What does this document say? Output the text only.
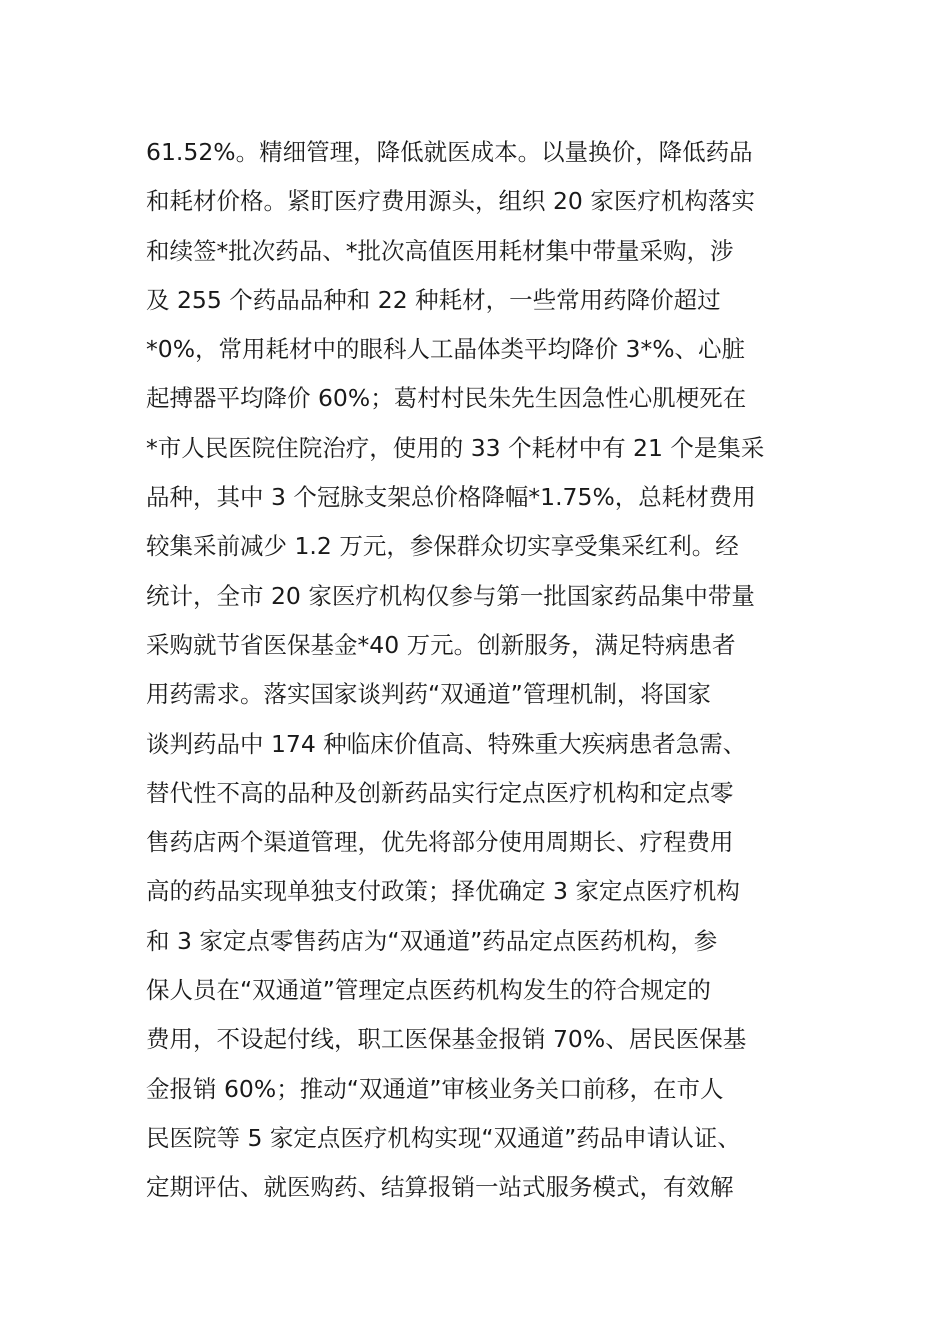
61.52%。精细管理，降低就医成本。以量换价，降低药品
和耗材价格。紧盯医疗费用源头，组织 20 家医疗机构落实
和续签*批次药品、*批次高值医用耗材集中带量采购，涉
及 255 个药品品种和 22 种耗材，一些常用药降价超过
*0%，常用耗材中的眼科人工晶体类平均降价 3*%、心脏
起搏器平均降价 60%；葛村村民朱先生因急性心肌梗死在
*市人民医院住院治疗，使用的 33 个耗材中有 21 个是集采
品种，其中 3 个冠脉支架总价格降幅*1.75%，总耗材费用
较集采前减少 1.2 万元，参保群众切实享受集采红利。经
统计，全市 20 家医疗机构仅参与第一批国家药品集中带量
采购就节省医保基金*40 万元。创新服务，满足特病患者
用药需求。落实国家谈判药“双通道”管理机制，将国家
谈判药品中 174 种临床价值高、特殊重大疾病患者急需、
替代性不高的品种及创新药品实行定点医疗机构和定点零
售药店两个渠道管理，优先将部分使用周期长、疗程费用
高的药品实现单独支付政策；择优确定 3 家定点医疗机构
和 3 家定点零售药店为“双通道”药品定点医药机构，参
保人员在“双通道”管理定点医药机构发生的符合规定的
费用，不设起付线，职工医保基金报销 70%、居民医保基
金报销 60%；推动“双通道”审核业务关口前移，在市人
民医院等 5 家定点医疗机构实现“双通道”药品申请认证、
定期评估、就医购药、结算报销一站式服务模式，有效解
